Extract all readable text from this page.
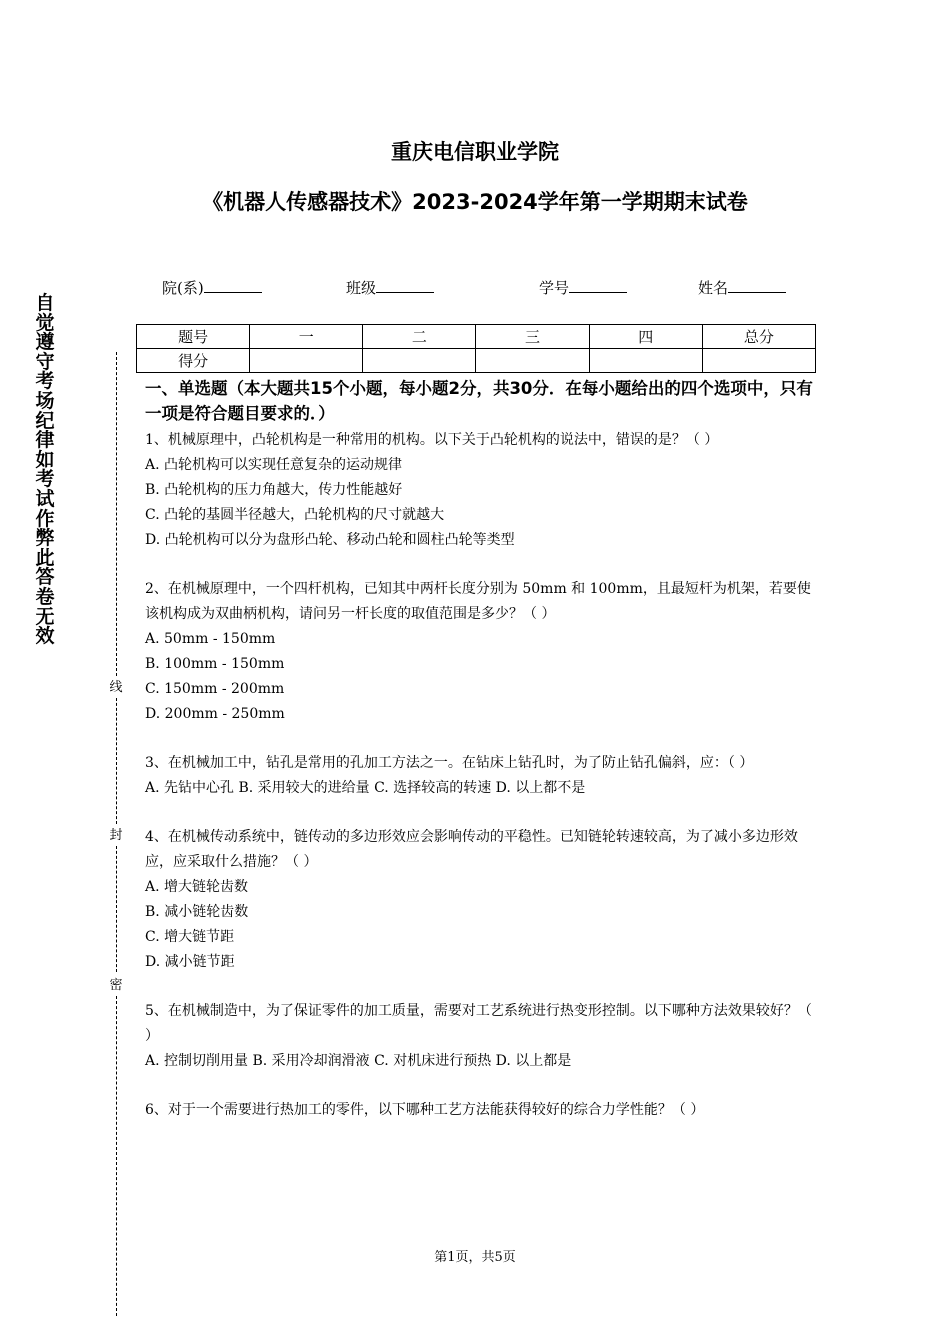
重庆电信职业学院
《机器人传感器技术》2023-2024学年第一学期期末试卷
院(系)	班级	学号	姓名
题号	一	二	三	四	总分
得分					
自觉遵守考场纪律如考试作弊此答卷无效
线
封
密
一、单选题（本大题共15个小题，每小题2分，共30分．在每小题给出的四个选项中，只有一项是符合题目要求的．）

1、机械原理中，凸轮机构是一种常用的机构。以下关于凸轮机构的说法中，错误的是？（ ）

A. 凸轮机构可以实现任意复杂的运动规律

B. 凸轮机构的压力角越大，传力性能越好

C. 凸轮的基圆半径越大，凸轮机构的尺寸就越大

D. 凸轮机构可以分为盘形凸轮、移动凸轮和圆柱凸轮等类型

2、在机械原理中，一个四杆机构，已知其中两杆长度分别为 50mm 和 100mm，且最短杆为机架，若要使该机构成为双曲柄机构，请问另一杆长度的取值范围是多少？（ ）

A. 50mm - 150mm

B. 100mm - 150mm

C. 150mm - 200mm

D. 200mm - 250mm

3、在机械加工中，钻孔是常用的孔加工方法之一。在钻床上钻孔时，为了防止钻孔偏斜，应：（ ）

A. 先钻中心孔 B. 采用较大的进给量 C. 选择较高的转速 D. 以上都不是

4、在机械传动系统中，链传动的多边形效应会影响传动的平稳性。已知链轮转速较高，为了减小多边形效应，应采取什么措施？（ ）

A. 增大链轮齿数

B. 减小链轮齿数

C. 增大链节距

D. 减小链节距

5、在机械制造中，为了保证零件的加工质量，需要对工艺系统进行热变形控制。以下哪种方法效果较好？（ ）

A. 控制切削用量 B. 采用冷却润滑液 C. 对机床进行预热 D. 以上都是

6、对于一个需要进行热加工的零件，以下哪种工艺方法能获得较好的综合力学性能？（ ）

第1页，共5页
